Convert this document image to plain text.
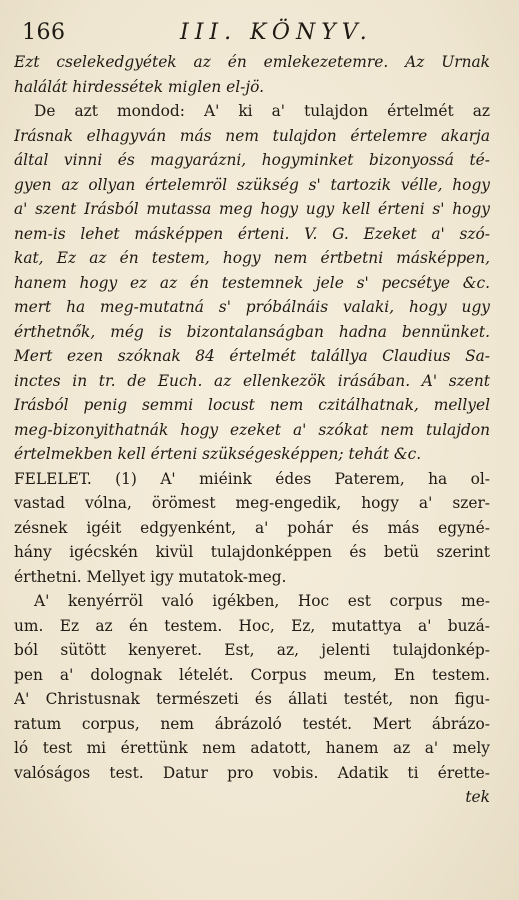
166	III. KÖNYV.
Ezt cselekedgyétek az én emlekezetemre. Az Urnak
halálát hirdessétek miglen el-jö.
De azt mondod: A' ki a' tulajdon értelmét az
Irásnak elhagyván más nem tulajdon értelemre akarja
által vinni és magyarázni, hogyminket bizonyossá té-
gyen az ollyan értelemröl szükség s' tartozik vélle, hogy
a' szent Irásból mutassa meg hogy ugy kell érteni s' hogy
nem-is lehet másképpen érteni. V. G. Ezeket a' szó-
kat, Ez az én testem, hogy nem értbetni másképpen,
hanem hogy ez az én testemnek jele s' pecsétye &c.
mert ha meg-mutatná s' próbálnáis valaki, hogy ugy
érthetnők, még is bizontalanságban hadna bennünket.
Mert ezen szóknak 84 értelmét talállya Claudius Sa-
inctes in tr. de Euch. az ellenkezök irásában. A' szent
Irásból penig semmi locust nem czitálhatnak, mellyel
meg-bizonyithatnák hogy ezeket a' szókat nem tulajdon
értelmekben kell érteni szükségesképpen; tehát &c.
FELELET. (1) A' miéink édes Paterem, ha ol-
vastad vólna, örömest meg-engedik, hogy a' szer-
zésnek igéit edgyenként, a' pohár és más egyné-
hány igécskén kivül tulajdonképpen és betü szerint
érthetni. Mellyet igy mutatok-meg.
A' kenyérröl való igékben, Hoc est corpus me-
um. Ez az én testem. Hoc, Ez, mutattya a' buzá-
ból sütött kenyeret. Est, az, jelenti tulajdonkép-
pen a' dolognak lételét. Corpus meum, En testem.
A' Christusnak természeti és állati testét, non figu-
ratum corpus, nem ábrázoló testét. Mert ábrázo-
ló test mi érettünk nem adatott, hanem az a' mely
valóságos test. Datur pro vobis. Adatik ti érette-
tek
